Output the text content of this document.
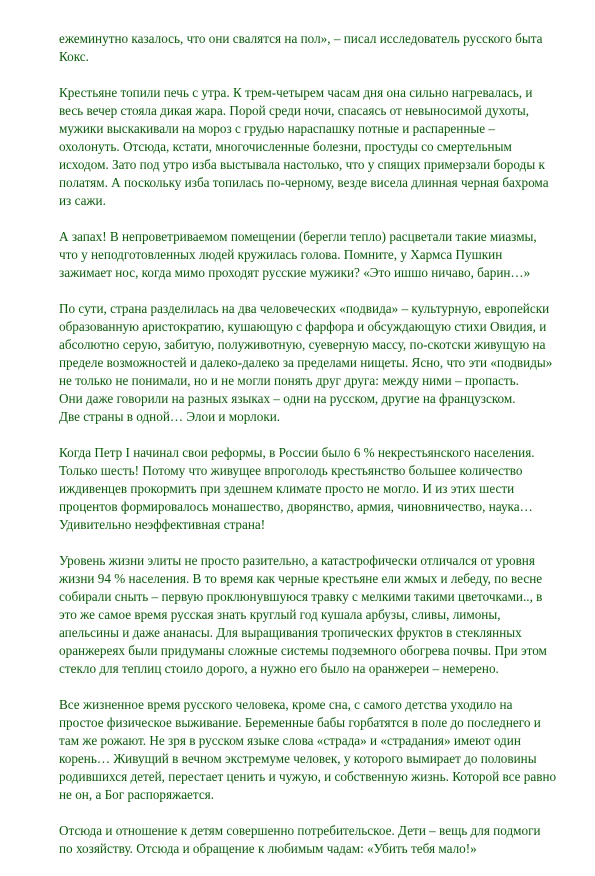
ежеминутно казалось, что они свалятся на пол», – писал исследователь русского быта
Кокс.
Крестьяне топили печь с утра. К трем-четырем часам дня она сильно нагревалась, и
весь вечер стояла дикая жара. Порой среди ночи, спасаясь от невыносимой духоты,
мужики выскакивали на мороз с грудью нараспашку потные и распаренные –
охолонуть. Отсюда, кстати, многочисленные болезни, простуды со смертельным
исходом. Зато под утро изба выстывала настолько, что у спящих примерзали бороды к
полатям. А поскольку изба топилась по-черному, везде висела длинная черная бахрома
из сажи.
А запах! В непроветриваемом помещении (берегли тепло) расцветали такие миазмы,
что у неподготовленных людей кружилась голова. Помните, у Хармса Пушкин
зажимает нос, когда мимо проходят русские мужики? «Это ишшо ничаво, барин…»
По сути, страна разделилась на два человеческих «подвида» – культурную, европейски
образованную аристократию, кушающую с фарфора и обсуждающую стихи Овидия, и
абсолютно серую, забитую, полуживотную, суеверную массу, по-скотски живущую на
пределе возможностей и далеко-далеко за пределами нищеты. Ясно, что эти «подвиды»
не только не понимали, но и не могли понять друг друга: между ними – пропасть.
Они даже говорили на разных языках – одни на русском, другие на французском.
Две страны в одной… Элои и морлоки.
Когда Петр I начинал свои реформы, в России было 6 % некрестьянского населения.
Только шесть! Потому что живущее впроголодь крестьянство большее количество
иждивенцев прокормить при здешнем климате просто не могло. И из этих шести
процентов формировалось монашество, дворянство, армия, чиновничество, наука…
Удивительно неэффективная страна!
Уровень жизни элиты не просто разительно, а катастрофически отличался от уровня
жизни 94 % населения. В то время как черные крестьяне ели жмых и лебеду, по весне
собирали сныть – первую проклюнувшуюся травку с мелкими такими цветочками.., в
это же самое время русская знать круглый год кушала арбузы, сливы, лимоны,
апельсины и даже ананасы. Для выращивания тропических фруктов в стеклянных
оранжереях были придуманы сложные системы подземного обогрева почвы. При этом
стекло для теплиц стоило дорого, а нужно его было на оранжереи – немерено.
Все жизненное время русского человека, кроме сна, с самого детства уходило на
простое физическое выживание. Беременные бабы горбатятся в поле до последнего и
там же рожают. Не зря в русском языке слова «страда» и «страдания» имеют один
корень… Живущий в вечном экстремуме человек, у которого вымирает до половины
родившихся детей, перестает ценить и чужую, и собственную жизнь. Которой все равно
не он, а Бог распоряжается.
Отсюда и отношение к детям совершенно потребительское. Дети – вещь для подмоги
по хозяйству. Отсюда и обращение к любимым чадам: «Убить тебя мало!»
